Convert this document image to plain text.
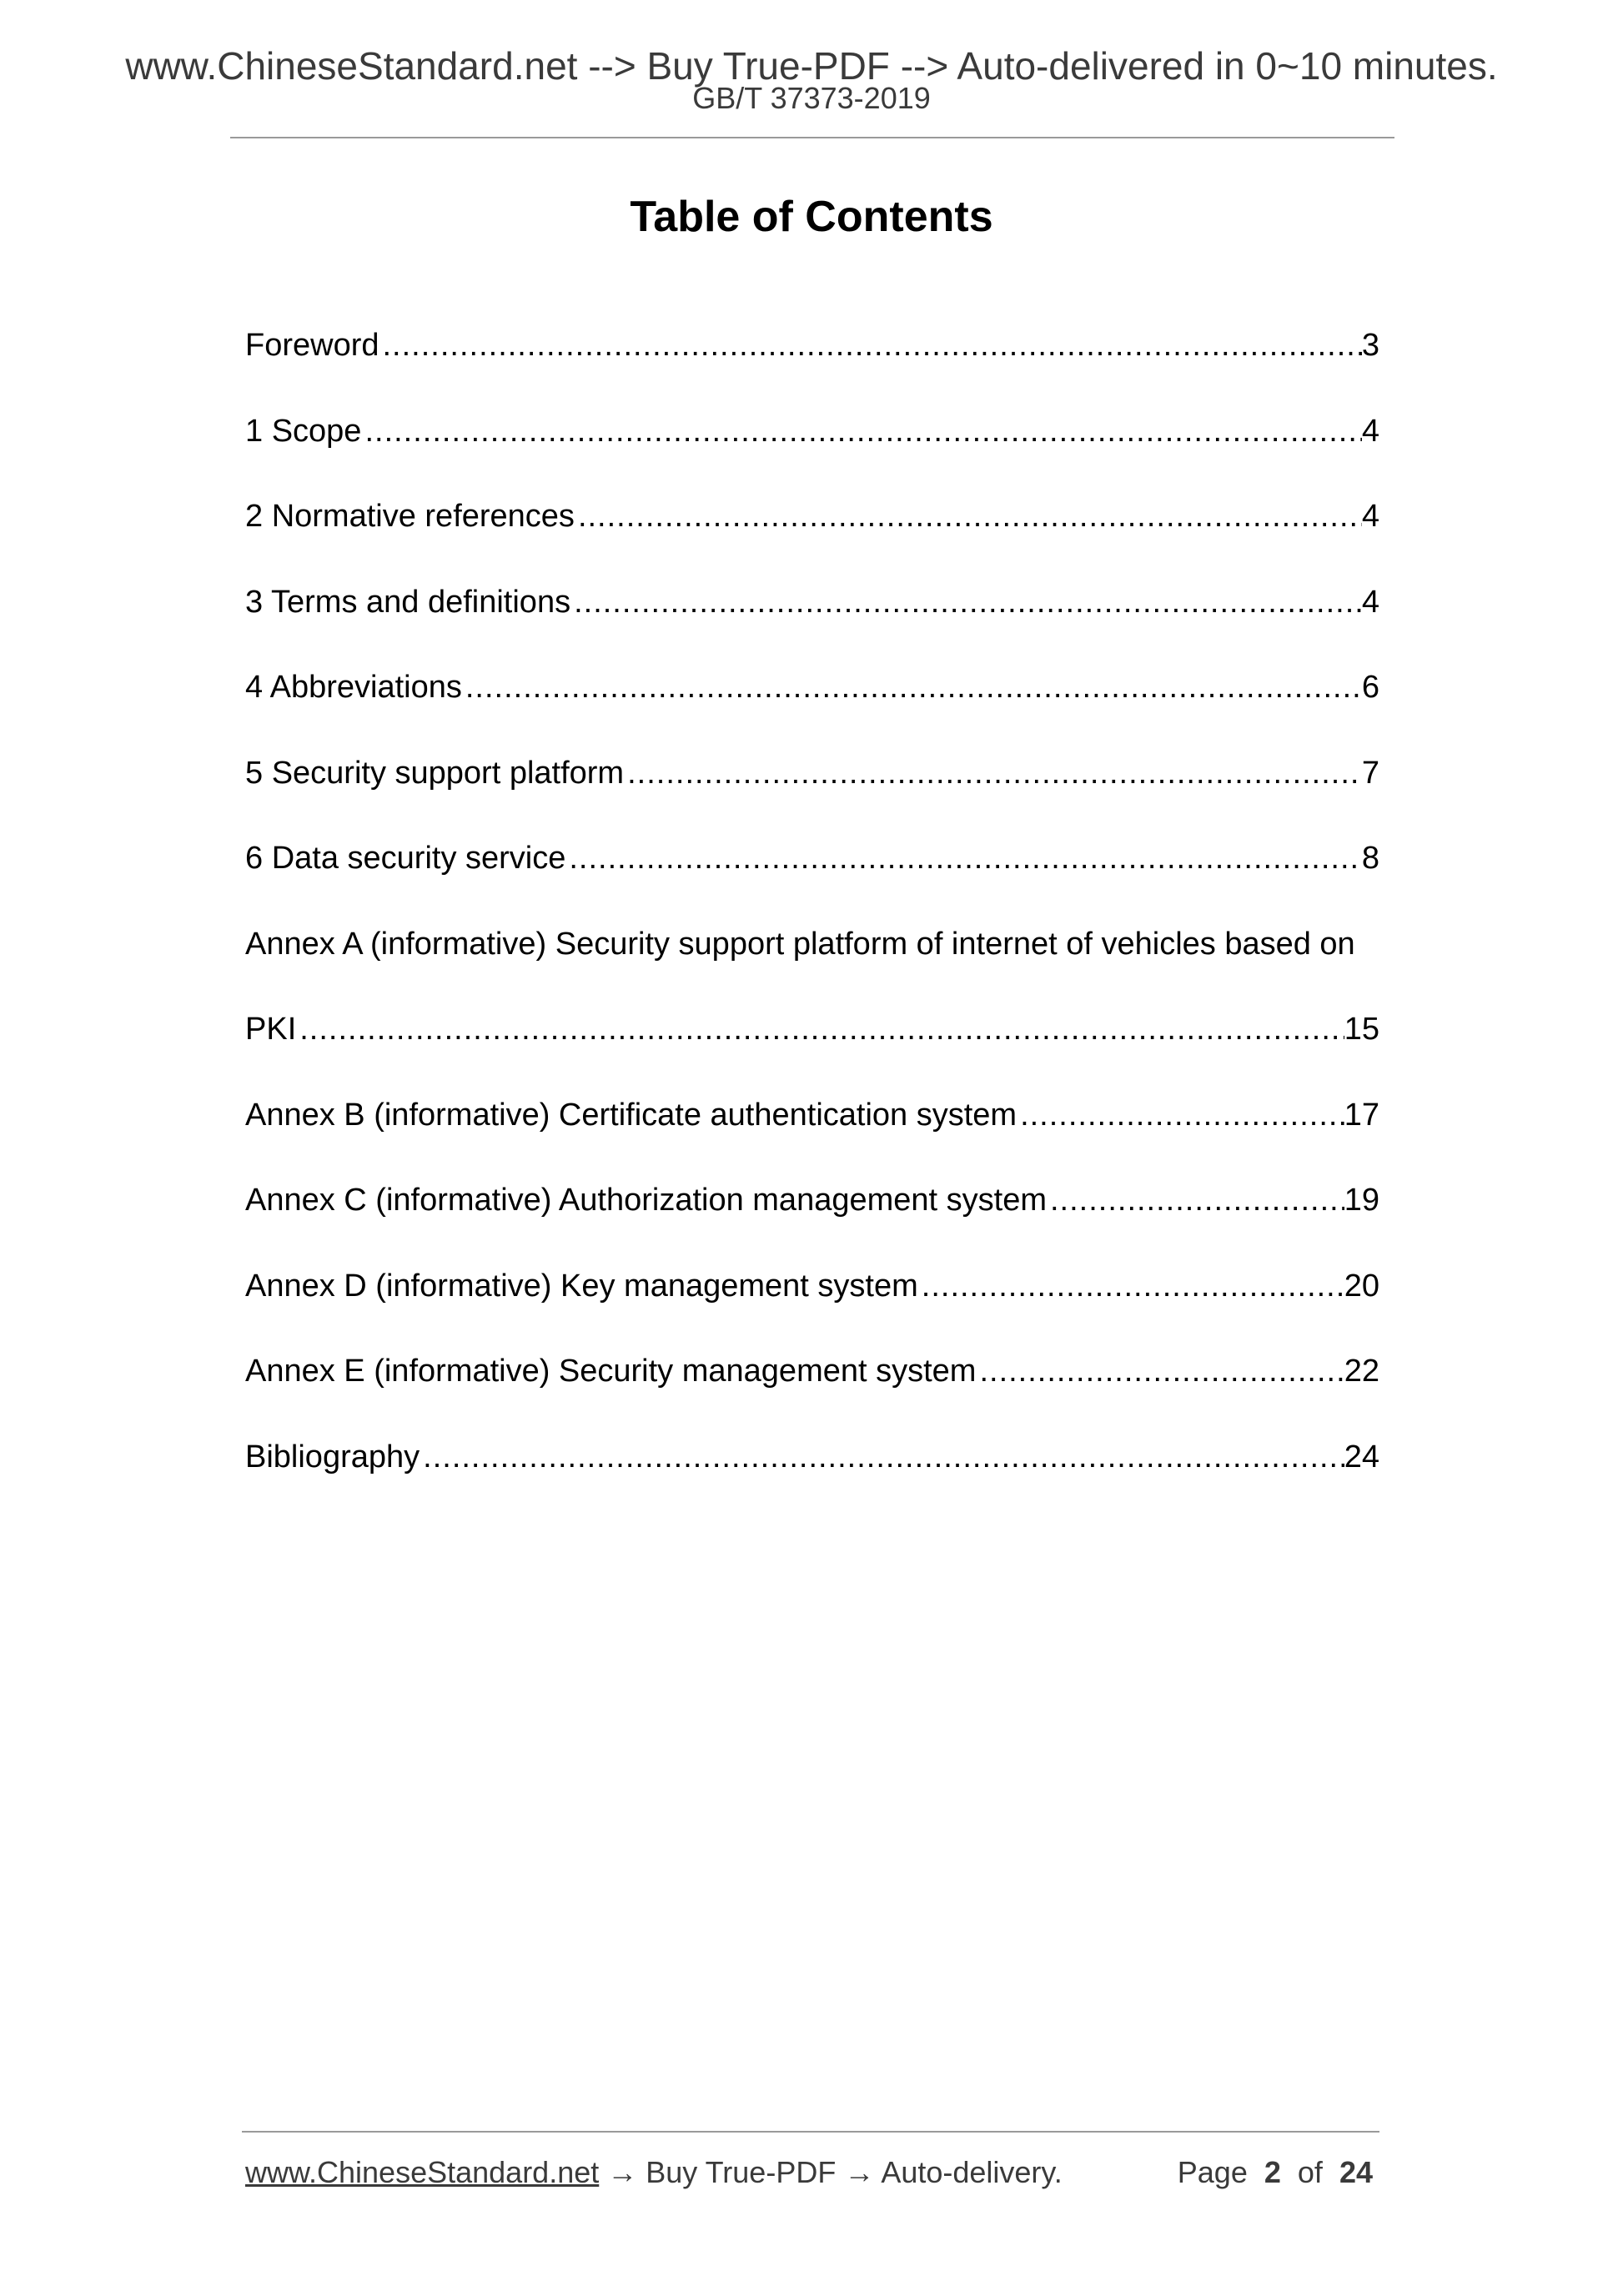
www.ChineseStandard.net --> Buy True-PDF --> Auto-delivered in 0~10 minutes.
GB/T 37373-2019
Table of Contents
Foreword .....	3
1 Scope .....	4
2 Normative references .....	4
3 Terms and definitions .....	4
4 Abbreviations .....	6
5 Security support platform .....	7
6 Data security service .....	8
Annex A (informative) Security support platform of internet of vehicles based on
PKI .....	15
Annex B (informative) Certificate authentication system .....	17
Annex C (informative) Authorization management system .....	19
Annex D (informative) Key management system .....	20
Annex E (informative) Security management system .....	22
Bibliography .....	24
www.ChineseStandard.net → Buy True-PDF → Auto-delivery.	Page 2 of 24
